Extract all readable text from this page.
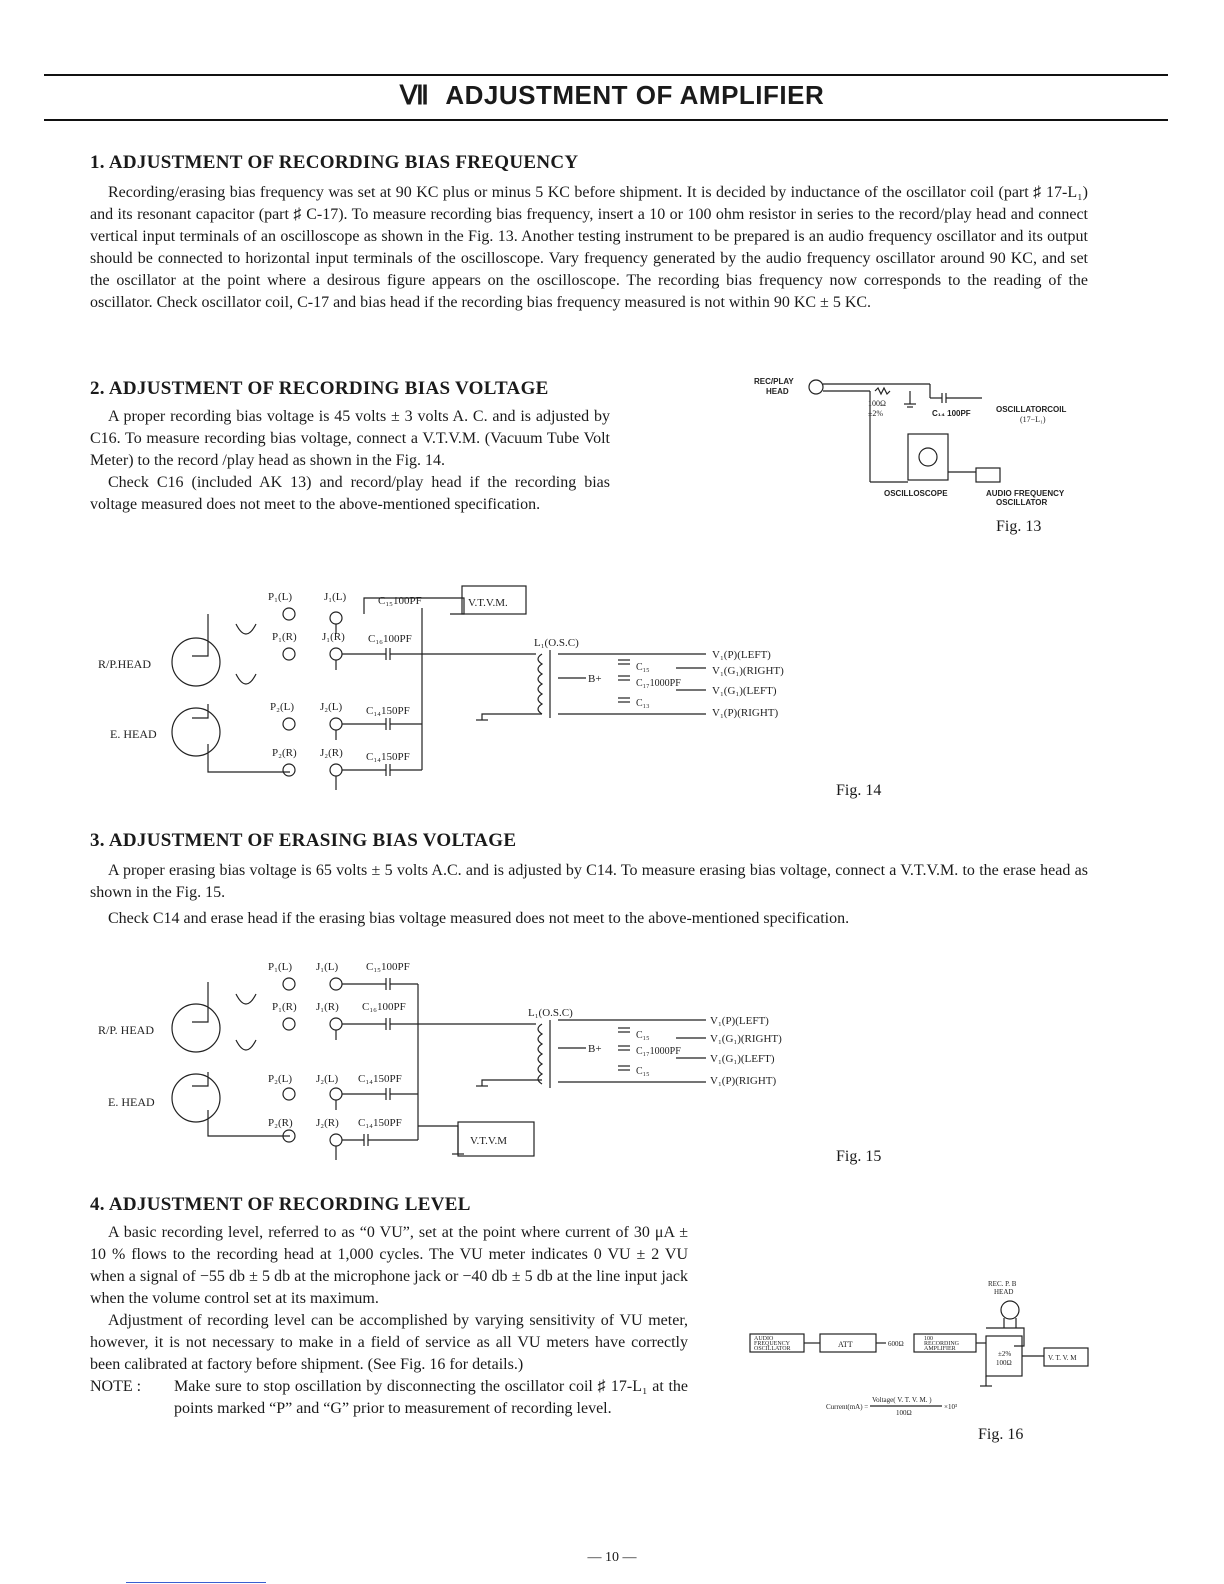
Ⅶ ADJUSTMENT OF AMPLIFIER
1. ADJUSTMENT OF RECORDING BIAS FREQUENCY

Recording/erasing bias frequency was set at 90 KC plus or minus 5 KC before shipment. It is decided by inductance of the oscillator coil (part ♯ 17-L₁) and its resonant capacitor (part ♯ C-17). To measure recording bias frequency, insert a 10 or 100 ohm resistor in series to the record/play head and connect vertical input terminals of an oscilloscope as shown in the Fig. 13. Another testing instrument to be prepared is an audio frequency oscillator and its output should be connected to horizontal input terminals of the oscilloscope. Vary frequency generated by the audio frequency oscillator around 90 KC, and set the oscillator at the point where a desirous figure appears on the oscilloscope. The recording bias frequency now corresponds to the reading of the oscillator. Check oscillator coil, C-17 and bias head if the recording bias frequency measured is not within 90 KC ± 5 KC.

2. ADJUSTMENT OF RECORDING BIAS VOLTAGE

A proper recording bias voltage is 45 volts ± 3 volts A. C. and is adjusted by C16. To measure recording bias voltage, connect a V.T.V.M. (Vacuum Tube Volt Meter) to the record /play head as shown in the Fig. 14.

Check C16 (included AK 13) and record/play head if the recording bias voltage measured does not meet to the above-mentioned specification.

REC/PLAY
HEAD
100Ω
±2%	C₁₄ 100PF	OSCILLATORCOIL
(17−L₁)
OSCILLOSCOPE	AUDIO FREQUENCY
OSCILLATOR
Fig. 13
R/P.HEAD
E. HEAD
P₁(L)
P₁(R)
P₂(L)
P₂(R)
J₁(L)
J₁(R)
J₂(L)
J₂(R)
C₁₅100PF
C₁₆100PF
C₁₄150PF
C₁₄150PF
V.T.V.M.
L₁(O.S.C)
B+
C₁₅
C₁₇1000PF
C₁₃
V₁(P)(LEFT)
V₁(G₁)(RIGHT)
V₁(G₁)(LEFT)
V₁(P)(RIGHT)
Fig. 14
3. ADJUSTMENT OF ERASING BIAS VOLTAGE

A proper erasing bias voltage is 65 volts ± 5 volts A.C. and is adjusted by C14. To measure erasing bias voltage, connect a V.T.V.M. to the erase head as shown in the Fig. 15.

Check C14 and erase head if the erasing bias voltage measured does not meet to the above-mentioned specification.

R/P. HEAD
E. HEAD
P₁(L)
P₁(R)
P₂(L)
P₂(R)
J₁(L)
J₁(R)
J₂(L)
J₂(R)
C₁₅100PF
C₁₆100PF
C₁₄150PF
C₁₄150PF
V.T.V.M
L₁(O.S.C)
B+
C₁₅
C₁₇1000PF
C₁₅
V₁(P)(LEFT)
V₁(G₁)(RIGHT)
V₁(G₁)(LEFT)
V₁(P)(RIGHT)
Fig. 15
4. ADJUSTMENT OF RECORDING LEVEL

A basic recording level, referred to as “0 VU”, set at the point where current of 30 μA ± 10 % flows to the recording head at 1,000 cycles. The VU meter indicates 0 VU ± 2 VU when a signal of −55 db ± 5 db at the microphone jack or −40 db ± 5 db at the line input jack when the volume control set at its maximum.

Adjustment of recording level can be accomplished by varying sensitivity of VU meter, however, it is not necessary to make in a field of service as all VU meters have correctly been calibrated at factory before shipment. (See Fig. 16 for details.)

NOTE :	Make sure to stop oscillation by disconnecting the oscillator coil ♯ 17-L₁ at the points marked “P” and “G” prior to measurement of recording level.
REC. P. B
HEAD
AUDIO
FREQUENCY
OSCILLATOR	ATT	600Ω
100
RECORDING
AMPLIFIER
±2%
100Ω
V. T. V. M
Current(mA) =
Voltage( V. T. V. M. )
100Ω
×10³
Fig. 16
— 10 —
